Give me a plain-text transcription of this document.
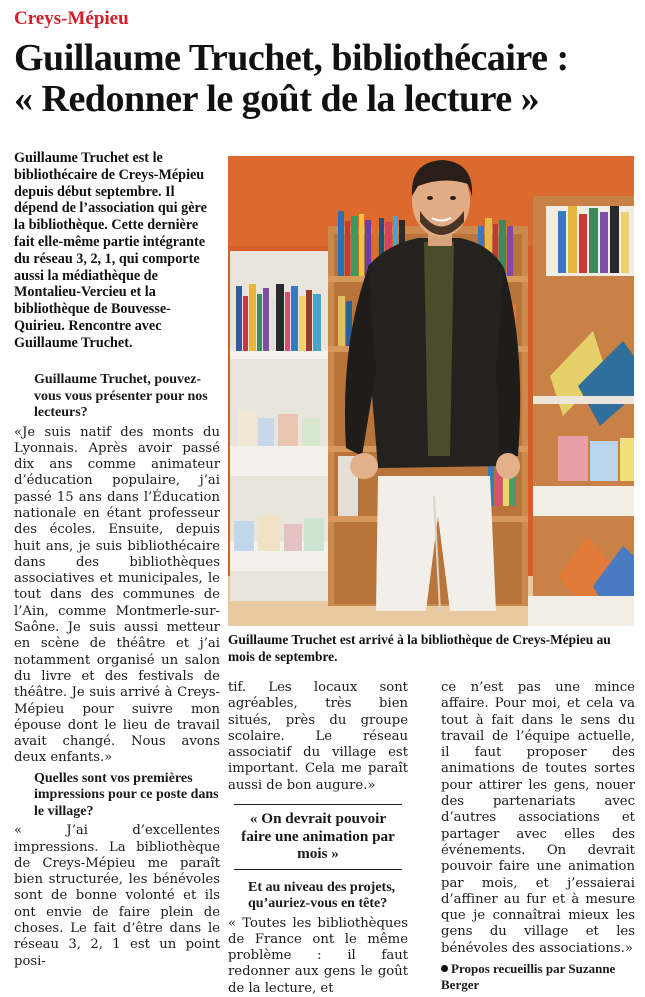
Creys-Mépieu
Guillaume Truchet, bibliothécaire :
« Redonner le goût de la lecture »
Guillaume Truchet est le bibliothécaire de Creys-Mépieu depuis début septembre. Il dépend de l’association qui gère la bibliothèque. Cette dernière fait elle-même partie intégrante du réseau 3, 2, 1, qui comporte aussi la médiathèque de Montalieu-Vercieu et la bibliothèque de Bouvesse-Quirieu. Rencontre avec Guillaume Truchet.
Guillaume Truchet est arrivé à la bibliothèque de Creys-Mépieu au mois de septembre.

Guillaume Truchet, pouvez-vous vous présenter pour nos lecteurs?

«Je suis natif des monts du Lyonnais. Après avoir passé dix ans comme animateur d’éducation populaire, j’ai passé 15 ans dans l’Éducation nationale en étant professeur des écoles. Ensuite, depuis huit ans, je suis bibliothécaire dans des bibliothèques associatives et municipales, le tout dans des communes de l’Ain, comme Montmerle-sur-Saône. Je suis aussi metteur en scène de théâtre et j’ai notamment organisé un salon du livre et des festivals de théâtre. Je suis arrivé à Creys-Mépieu pour suivre mon épouse dont le lieu de travail avait changé. Nous avons deux enfants.»

Quelles sont vos premières impressions pour ce poste dans le village?

« J’ai d’excellentes impressions. La bibliothèque de Creys-Mépieu me paraît bien structurée, les bénévoles sont de bonne volonté et ils ont envie de faire plein de choses. Le fait d’être dans le réseau 3, 2, 1 est un point posi-

tif. Les locaux sont agréables, très bien situés, près du groupe scolaire. Le réseau associatif du village est important. Cela me paraît aussi de bon augure.»

« On devrait pouvoir faire une animation par mois »

Et au niveau des projets, qu’auriez-vous en tête?

« Toutes les bibliothèques de France ont le même problème : il faut redonner aux gens le goût de la lecture, et

ce n’est pas une mince affaire. Pour moi, et cela va tout à fait dans le sens du travail de l’équipe actuelle, il faut proposer des animations de toutes sortes pour attirer les gens, nouer des partenariats avec d’autres associations et partager avec elles des événements. On devrait pouvoir faire une animation par mois, et j’essaierai d’affiner au fur et à mesure que je connaîtrai mieux les gens du village et les bénévoles des associations.»

Propos recueillis par Suzanne Berger
